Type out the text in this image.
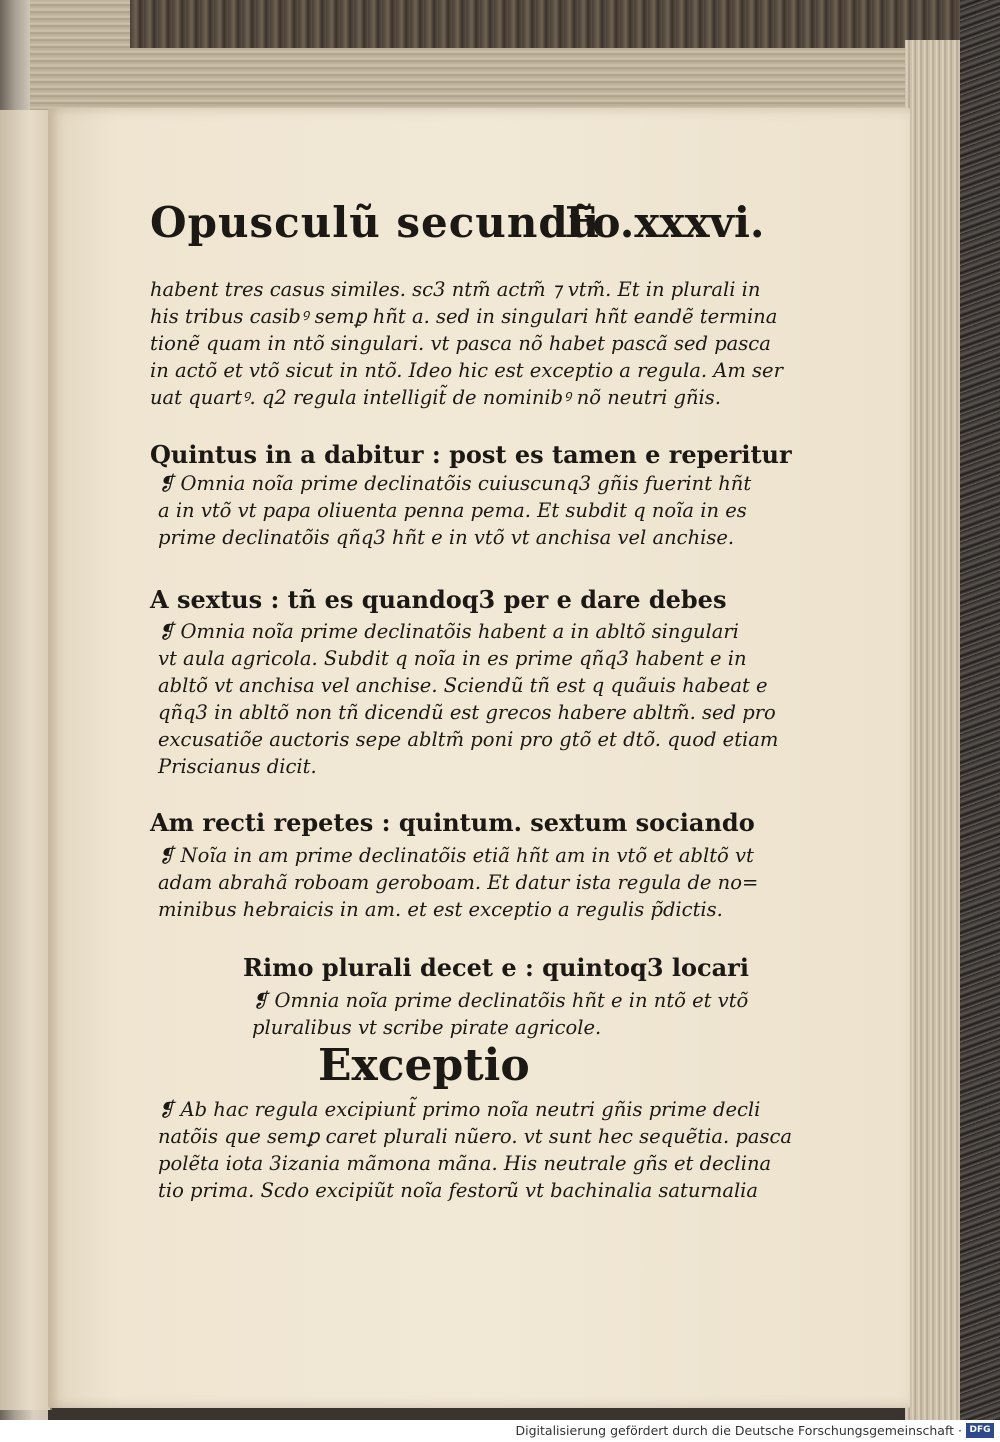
Opusculũ secundũ
Fo.xxxvi.
habent tres casus similes. sc3 ntm̃ actm̃ ⁊ vtm̃. Et in plurali in
his tribus casibꝰ semꝑ hñt a. sed in singulari hñt eandẽ termina
tionẽ quam in ntõ singulari. vt pasca nõ habet pascã sed pasca
in actõ et vtõ sicut in ntõ. Ideo hic est exceptio a regula. Am ser
uat quartꝰ. q2 regula intelligit̃ de nominibꝰ nõ neutri gñis.
Quintus in a dabitur : post es tamen e reperitur
❡ Omnia noĩa prime declinatõis cuiuscunq3 gñis fuerint hñt
a in vtõ vt papa oliuenta penna pema. Et subdit q noĩa in es
prime declinatõis qñq3 hñt e in vtõ vt anchisa vel anchise.
A sextus : tñ es quandoq3 per e dare debes
❡ Omnia noĩa prime declinatõis habent a in abltõ singulari
vt aula agricola. Subdit q noĩa in es prime qñq3 habent e in
abltõ vt anchisa vel anchise. Sciendũ tñ est q quãuis habeat e
qñq3 in abltõ non tñ dicendũ est grecos habere abltm̃. sed pro
excusatiõe auctoris sepe abltm̃ poni pro gtõ et dtõ. quod etiam
Priscianus dicit.
Am recti repetes : quintum. sextum sociando
❡ Noĩa in am prime declinatõis etiã hñt am in vtõ et abltõ vt
adam abrahã roboam geroboam. Et datur ista regula de no=
minibus hebraicis in am. et est exceptio a regulis p̃dictis.
Rimo plurali decet e : quintoq3 locari
❡ Omnia noĩa prime declinatõis hñt e in ntõ et vtõ
pluralibus vt scribe pirate agricole.
Exceptio
❡ Ab hac regula excipiunt̃ primo noĩa neutri gñis prime decli
natõis que semꝑ caret plurali nũero. vt sunt hec sequẽtia. pasca
polẽta iota 3izania mãmona mãna. His neutrale gñs et declina
tio prima. Scdo excipiũt noĩa festorũ vt bachinalia saturnalia
Digitalisierung gefördert durch die Deutsche Forschungsgemeinschaft · DFG
